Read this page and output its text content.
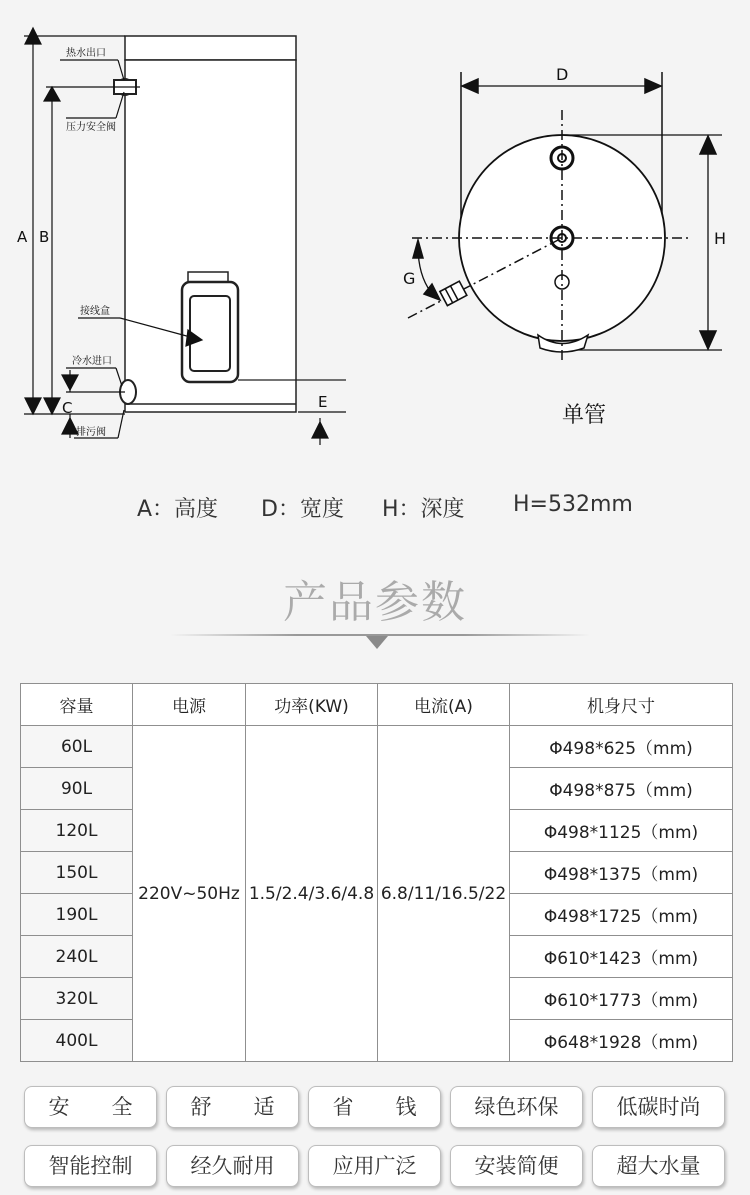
热水出口
压力安全阀
接线盒
冷水进口
排污阀
A B
C	E
D
H
G
单管
A：高度 D：宽度 H：深度 H=532mm
产品参数
容量	电源	功率(KW)	电流(A)	机身尺寸
60L	220V~50Hz	1.5/2.4/3.6/4.8	6.8/11/16.5/22	Φ498*625（mm)
90L				Φ498*875（mm)
120L				Φ498*1125（mm)
150L				Φ498*1375（mm)
190L				Φ498*1725（mm)
240L				Φ610*1423（mm)
320L				Φ610*1773（mm)
400L				Φ648*1928（mm)
安　　全	舒　　适	省　　钱	绿色环保	低碳时尚
智能控制	经久耐用	应用广泛	安装简便	超大水量
